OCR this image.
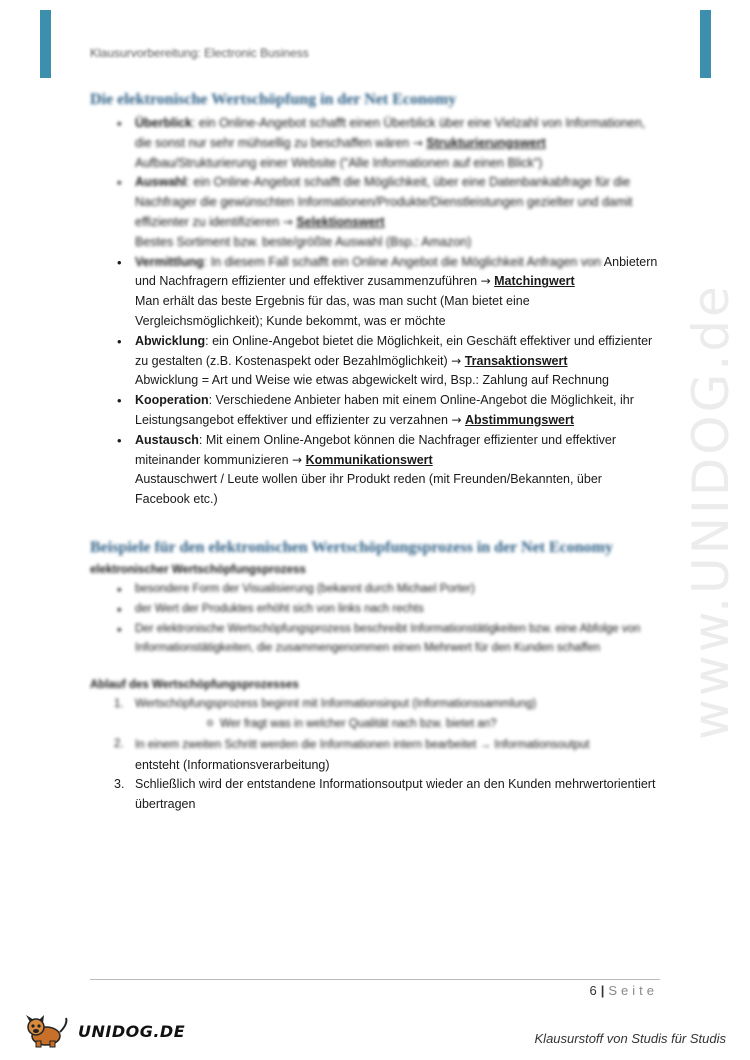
Klausurvorbereitung: Electronic Business
www.UNIDOG.de
Die elektronische Wertschöpfung in der Net Economy
• Überblick: ein Online-Angebot schafft einen Überblick über eine Vielzahl von Informationen, die sonst nur sehr mühsellig zu beschaffen wären → Strukturierungswert
Aufbau/Strukturierung einer Website ("Alle Informationen auf einen Blick")
• Auswahl: ein Online-Angebot schafft die Möglichkeit, über eine Datenbankabfrage für die Nachfrager die gewünschten Informationen/Produkte/Dienstleistungen gezielter und damit effizienter zu identifizieren → Selektionswert
Bestes Sortiment bzw. beste/größte Auswahl (Bsp.: Amazon)
• Vermittlung: In diesem Fall schafft ein Online Angebot die Möglichkeit Anfragen von Anbietern und Nachfragern effizienter und effektiver zusammenzuführen → Matchingwert
Man erhält das beste Ergebnis für das, was man sucht (Man bietet eine Vergleichsmöglichkeit); Kunde bekommt, was er möchte
• Abwicklung: ein Online-Angebot bietet die Möglichkeit, ein Geschäft effektiver und effizienter zu gestalten (z.B. Kostenaspekt oder Bezahlmöglichkeit) → Transaktionswert
Abwicklung = Art und Weise wie etwas abgewickelt wird, Bsp.: Zahlung auf Rechnung
• Kooperation: Verschiedene Anbieter haben mit einem Online-Angebot die Möglichkeit, ihr Leistungsangebot effektiver und effizienter zu verzahnen → Abstimmungswert
• Austausch: Mit einem Online-Angebot können die Nachfrager effizienter und effektiver miteinander kommunizieren → Kommunikationswert
Austauschwert / Leute wollen über ihr Produkt reden (mit Freunden/Bekannten, über Facebook etc.)
Beispiele für den elektronischen Wertschöpfungsprozess in der Net Economy
elektronischer Wertschöpfungsprozess
• besondere Form der Visualisierung (bekannt durch Michael Porter)
• der Wert der Produktes erhöht sich von links nach rechts
• Der elektronische Wertschöpfungsprozess beschreibt Informationstätigkeiten bzw. eine Abfolge von Informationstätigkeiten, die zusammengenommen einen Mehrwert für den Kunden schaffen
Ablauf des Wertschöpfungsprozesses
1. Wertschöpfungsprozess beginnt mit Informationsinput (Informationssammlung)
o Wer fragt was in welcher Qualität nach bzw. bietet an?
2. In einem zweiten Schritt werden die Informationen intern bearbeitet → Informationsoutput
entsteht (Informationsverarbeitung)
3. Schließlich wird der entstandene Informationsoutput wieder an den Kunden mehrwertorientiert übertragen
6 | Seite
UNIDOG.DE	Klausurstoff von Studis für Studis
